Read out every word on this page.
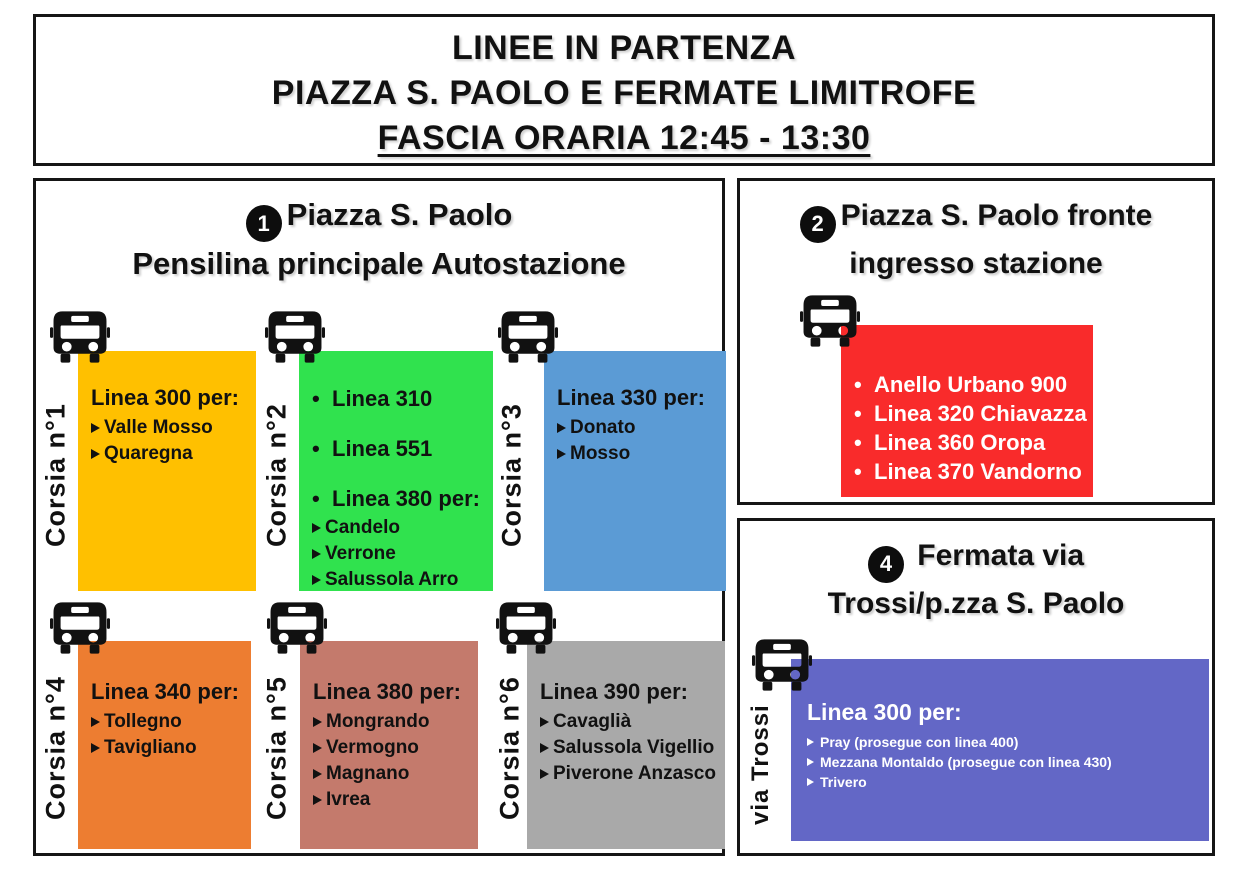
LINEE IN PARTENZA
PIAZZA S. PAOLO E FERMATE LIMITROFE
FASCIA ORARIA 12:45 - 13:30
1 Piazza S. Paolo
Pensilina principale Autostazione
Linea 300 per:
Valle Mosso
Quaregna
Corsia n°1
• Linea 310
• Linea 551
• Linea 380 per:
Candelo
Verrone
Salussola Arro
Corsia n°2
Linea 330 per:
Donato
Mosso
Corsia n°3
Linea 340 per:
Tollegno
Tavigliano
Corsia n°4	Linea 380 per:
Mongrando
Vermogno
Magnano
Ivrea
Corsia n°5	Linea 390 per:
Cavaglià
Salussola Vigellio
Piverone Anzasco
Corsia n°6
2 Piazza S. Paolo fronte
ingresso stazione
• Anello Urbano 900
• Linea 320 Chiavazza
• Linea 360 Oropa
• Linea 370 Vandorno
4 Fermata via
Trossi/p.zza S. Paolo
Linea 300 per:
Pray (prosegue con linea 400)
Mezzana Montaldo (prosegue con linea 430)
Trivero
via Trossi
